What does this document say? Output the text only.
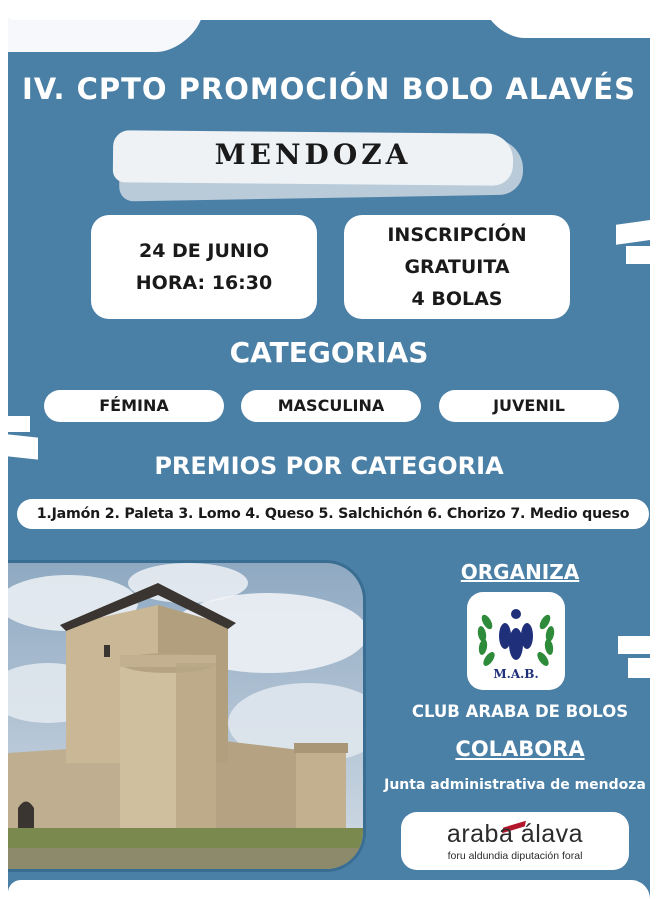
IV. CPTO PROMOCIÓN BOLO ALAVÉS
MENDOZA
24 DE JUNIO
HORA: 16:30
INSCRIPCIÓN
GRATUITA
4 BOLAS
CATEGORIAS
FÉMINA	MASCULINA	JUVENIL
PREMIOS POR CATEGORIA
1.Jamón 2. Paleta 3. Lomo 4. Queso 5. Salchichón 6. Chorizo 7. Medio queso
ORGANIZA
M.A.B.
CLUB ARABA DE BOLOS
COLABORA
Junta administrativa de mendoza
araba álava
foru aldundia diputación foral
